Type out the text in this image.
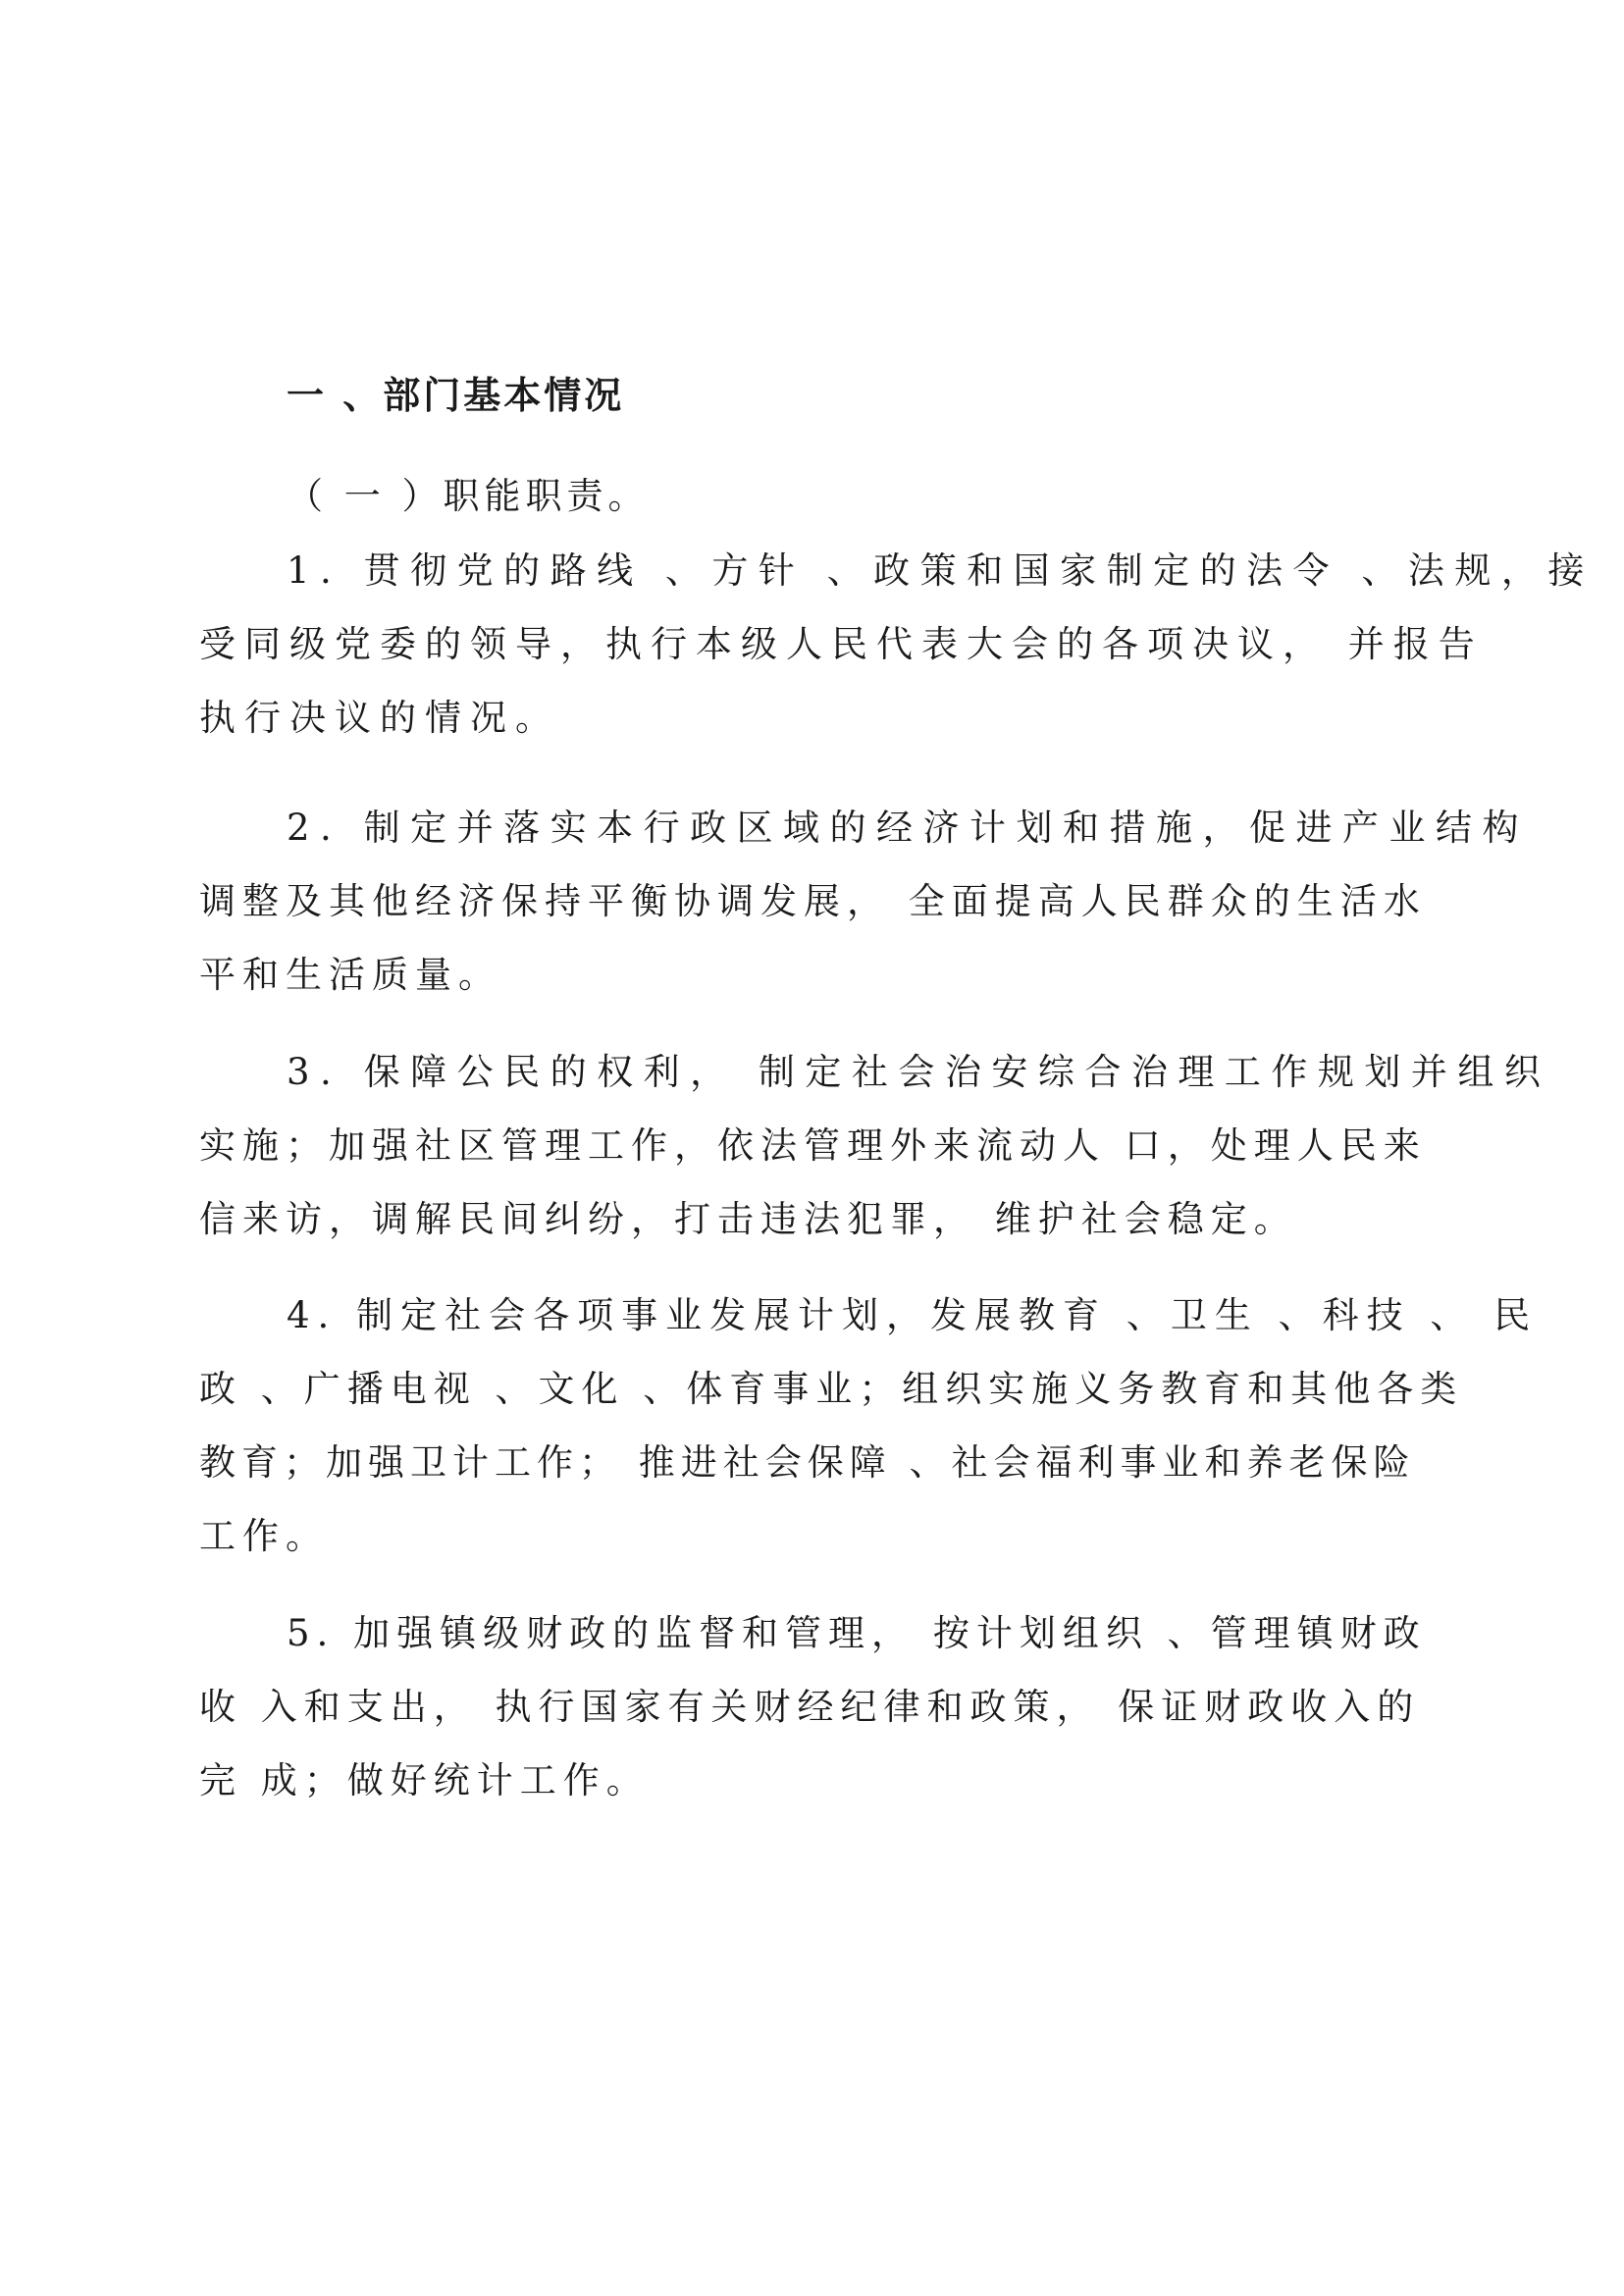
一 、部门基本情况
（ 一 ）职能职责。
1. 贯彻党的路线 、方针 、政策和国家制定的法令 、法规，接
受同级党委的领导，执行本级人民代表大会的各项决议， 并报告
执行决议的情况。
2. 制定并落实本行政区域的经济计划和措施，促进产业结构
调整及其他经济保持平衡协调发展， 全面提高人民群众的生活水
平和生活质量。
3. 保障公民的权利， 制定社会治安综合治理工作规划并组织
实施；加强社区管理工作，依法管理外来流动人 口，处理人民来
信来访，调解民间纠纷，打击违法犯罪， 维护社会稳定。
4. 制定社会各项事业发展计划，发展教育 、卫生 、科技 、 民
政 、广播电视 、文化 、体育事业；组织实施义务教育和其他各类
教育；加强卫计工作； 推进社会保障 、社会福利事业和养老保险
工作。
5. 加强镇级财政的监督和管理， 按计划组织 、管理镇财政
收 入和支出， 执行国家有关财经纪律和政策， 保证财政收入的
完 成；做好统计工作。
